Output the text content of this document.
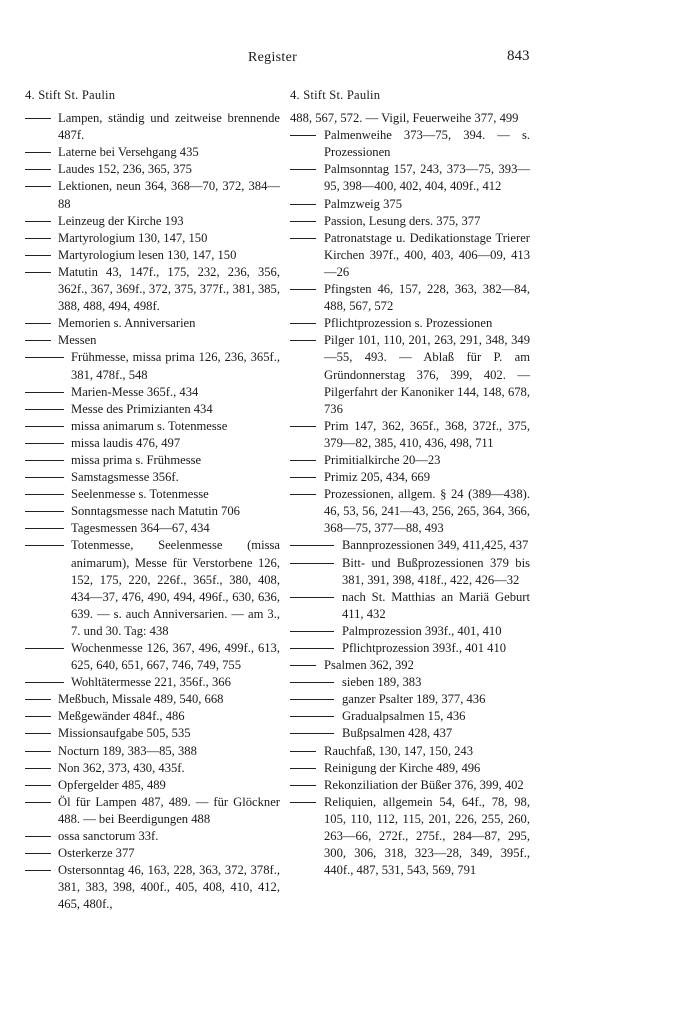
Register	843
4. Stift St. Paulin
Lampen, ständig und zeitweise brennende 487f.
Laterne bei Versehgang 435
Laudes 152, 236, 365, 375
Lektionen, neun 364, 368—70, 372, 384—88
Leinzeug der Kirche 193
Martyrologium 130, 147, 150
Martyrologium lesen 130, 147, 150
Matutin 43, 147f., 175, 232, 236, 356, 362f., 367, 369f., 372, 375, 377f., 381, 385, 388, 488, 494, 498f.
Memorien s. Anniversarien
Messen
Frühmesse, missa prima 126, 236, 365f., 381, 478f., 548
Marien-Messe 365f., 434
Messe des Primizianten 434
missa animarum s. Totenmesse
missa laudis 476, 497
missa prima s. Frühmesse
Samstagsmesse 356f.
Seelenmesse s. Totenmesse
Sonntagsmesse nach Matutin 706
Tagesmessen 364—67, 434
Totenmesse, Seelenmesse (missa animarum), Messe für Verstorbene 126, 152, 175, 220, 226f., 365f., 380, 408, 434—37, 476, 490, 494, 496f., 630, 636, 639. — s. auch Anniversarien. — am 3., 7. und 30. Tag: 438
Wochenmesse 126, 367, 496, 499f., 613, 625, 640, 651, 667, 746, 749, 755
Wohltätermesse 221, 356f., 366
Meßbuch, Missale 489, 540, 668
Meßgewänder 484f., 486
Missionsaufgabe 505, 535
Nocturn 189, 383—85, 388
Non 362, 373, 430, 435f.
Opfergelder 485, 489
Öl für Lampen 487, 489. — für Glöckner 488. — bei Beerdigungen 488
ossa sanctorum 33f.
Osterkerze 377
Ostersonntag 46, 163, 228, 363, 372, 378f., 381, 383, 398, 400f., 405, 408, 410, 412, 465, 480f.,
4. Stift St. Paulin
488, 567, 572. — Vigil, Feuerweihe 377, 499
Palmenweihe 373—75, 394. — s. Prozessionen
Palmsonntag 157, 243, 373—75, 393—95, 398—400, 402, 404, 409f., 412
Palmzweig 375
Passion, Lesung ders. 375, 377
Patronatstage u. Dedikationstage Trierer Kirchen 397f., 400, 403, 406—09, 413—26
Pfingsten 46, 157, 228, 363, 382—84, 488, 567, 572
Pflichtprozession s. Prozessionen
Pilger 101, 110, 201, 263, 291, 348, 349—55, 493. — Ablaß für P. am Gründonnerstag 376, 399, 402. — Pilgerfahrt der Kanoniker 144, 148, 678, 736
Prim 147, 362, 365f., 368, 372f., 375, 379—82, 385, 410, 436, 498, 711
Primitialkirche 20—23
Primiz 205, 434, 669
Prozessionen, allgem. § 24 (389—438). 46, 53, 56, 241—43, 256, 265, 364, 366, 368—75, 377—88, 493
Bannprozessionen 349, 411,425, 437
Bitt- und Bußprozessionen 379 bis 381, 391, 398, 418f., 422, 426—32
nach St. Matthias an Mariä Geburt 411, 432
Palmprozession 393f., 401, 410
Pflichtprozession 393f., 401 410
Psalmen 362, 392
sieben 189, 383
ganzer Psalter 189, 377, 436
Gradualpsalmen 15, 436
Bußpsalmen 428, 437
Rauchfaß, 130, 147, 150, 243
Reinigung der Kirche 489, 496
Rekonziliation der Büßer 376, 399, 402
Reliquien, allgemein 54, 64f., 78, 98, 105, 110, 112, 115, 201, 226, 255, 260, 263—66, 272f., 275f., 284—87, 295, 300, 306, 318, 323—28, 349, 395f., 440f., 487, 531, 543, 569, 791
